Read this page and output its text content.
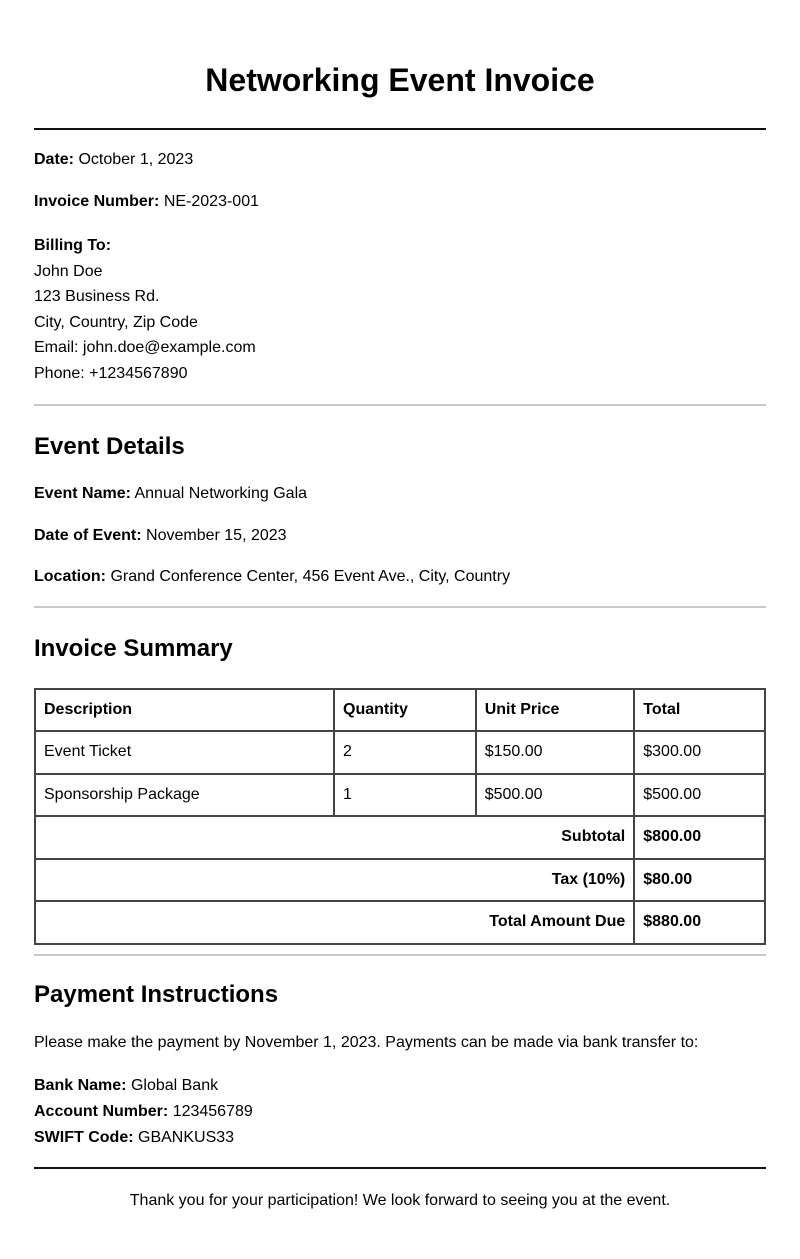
Networking Event Invoice

Date: October 1, 2023

Invoice Number: NE-2023-001

Billing To:
John Doe
123 Business Rd.
City, Country, Zip Code
Email: john.doe@example.com
Phone: +1234567890
Event Details

Event Name: Annual Networking Gala

Date of Event: November 15, 2023

Location: Grand Conference Center, 456 Event Ave., City, Country

Invoice Summary
Description	Quantity	Unit Price	Total
Event Ticket	2	$150.00	$300.00
Sponsorship Package	1	$500.00	$500.00
Subtotal			$800.00
Tax (10%)			$80.00
Total Amount Due			$880.00
Payment Instructions

Please make the payment by November 1, 2023. Payments can be made via bank transfer to:

Bank Name: Global Bank
Account Number: 123456789
SWIFT Code: GBANKUS33

Thank you for your participation! We look forward to seeing you at the event.
